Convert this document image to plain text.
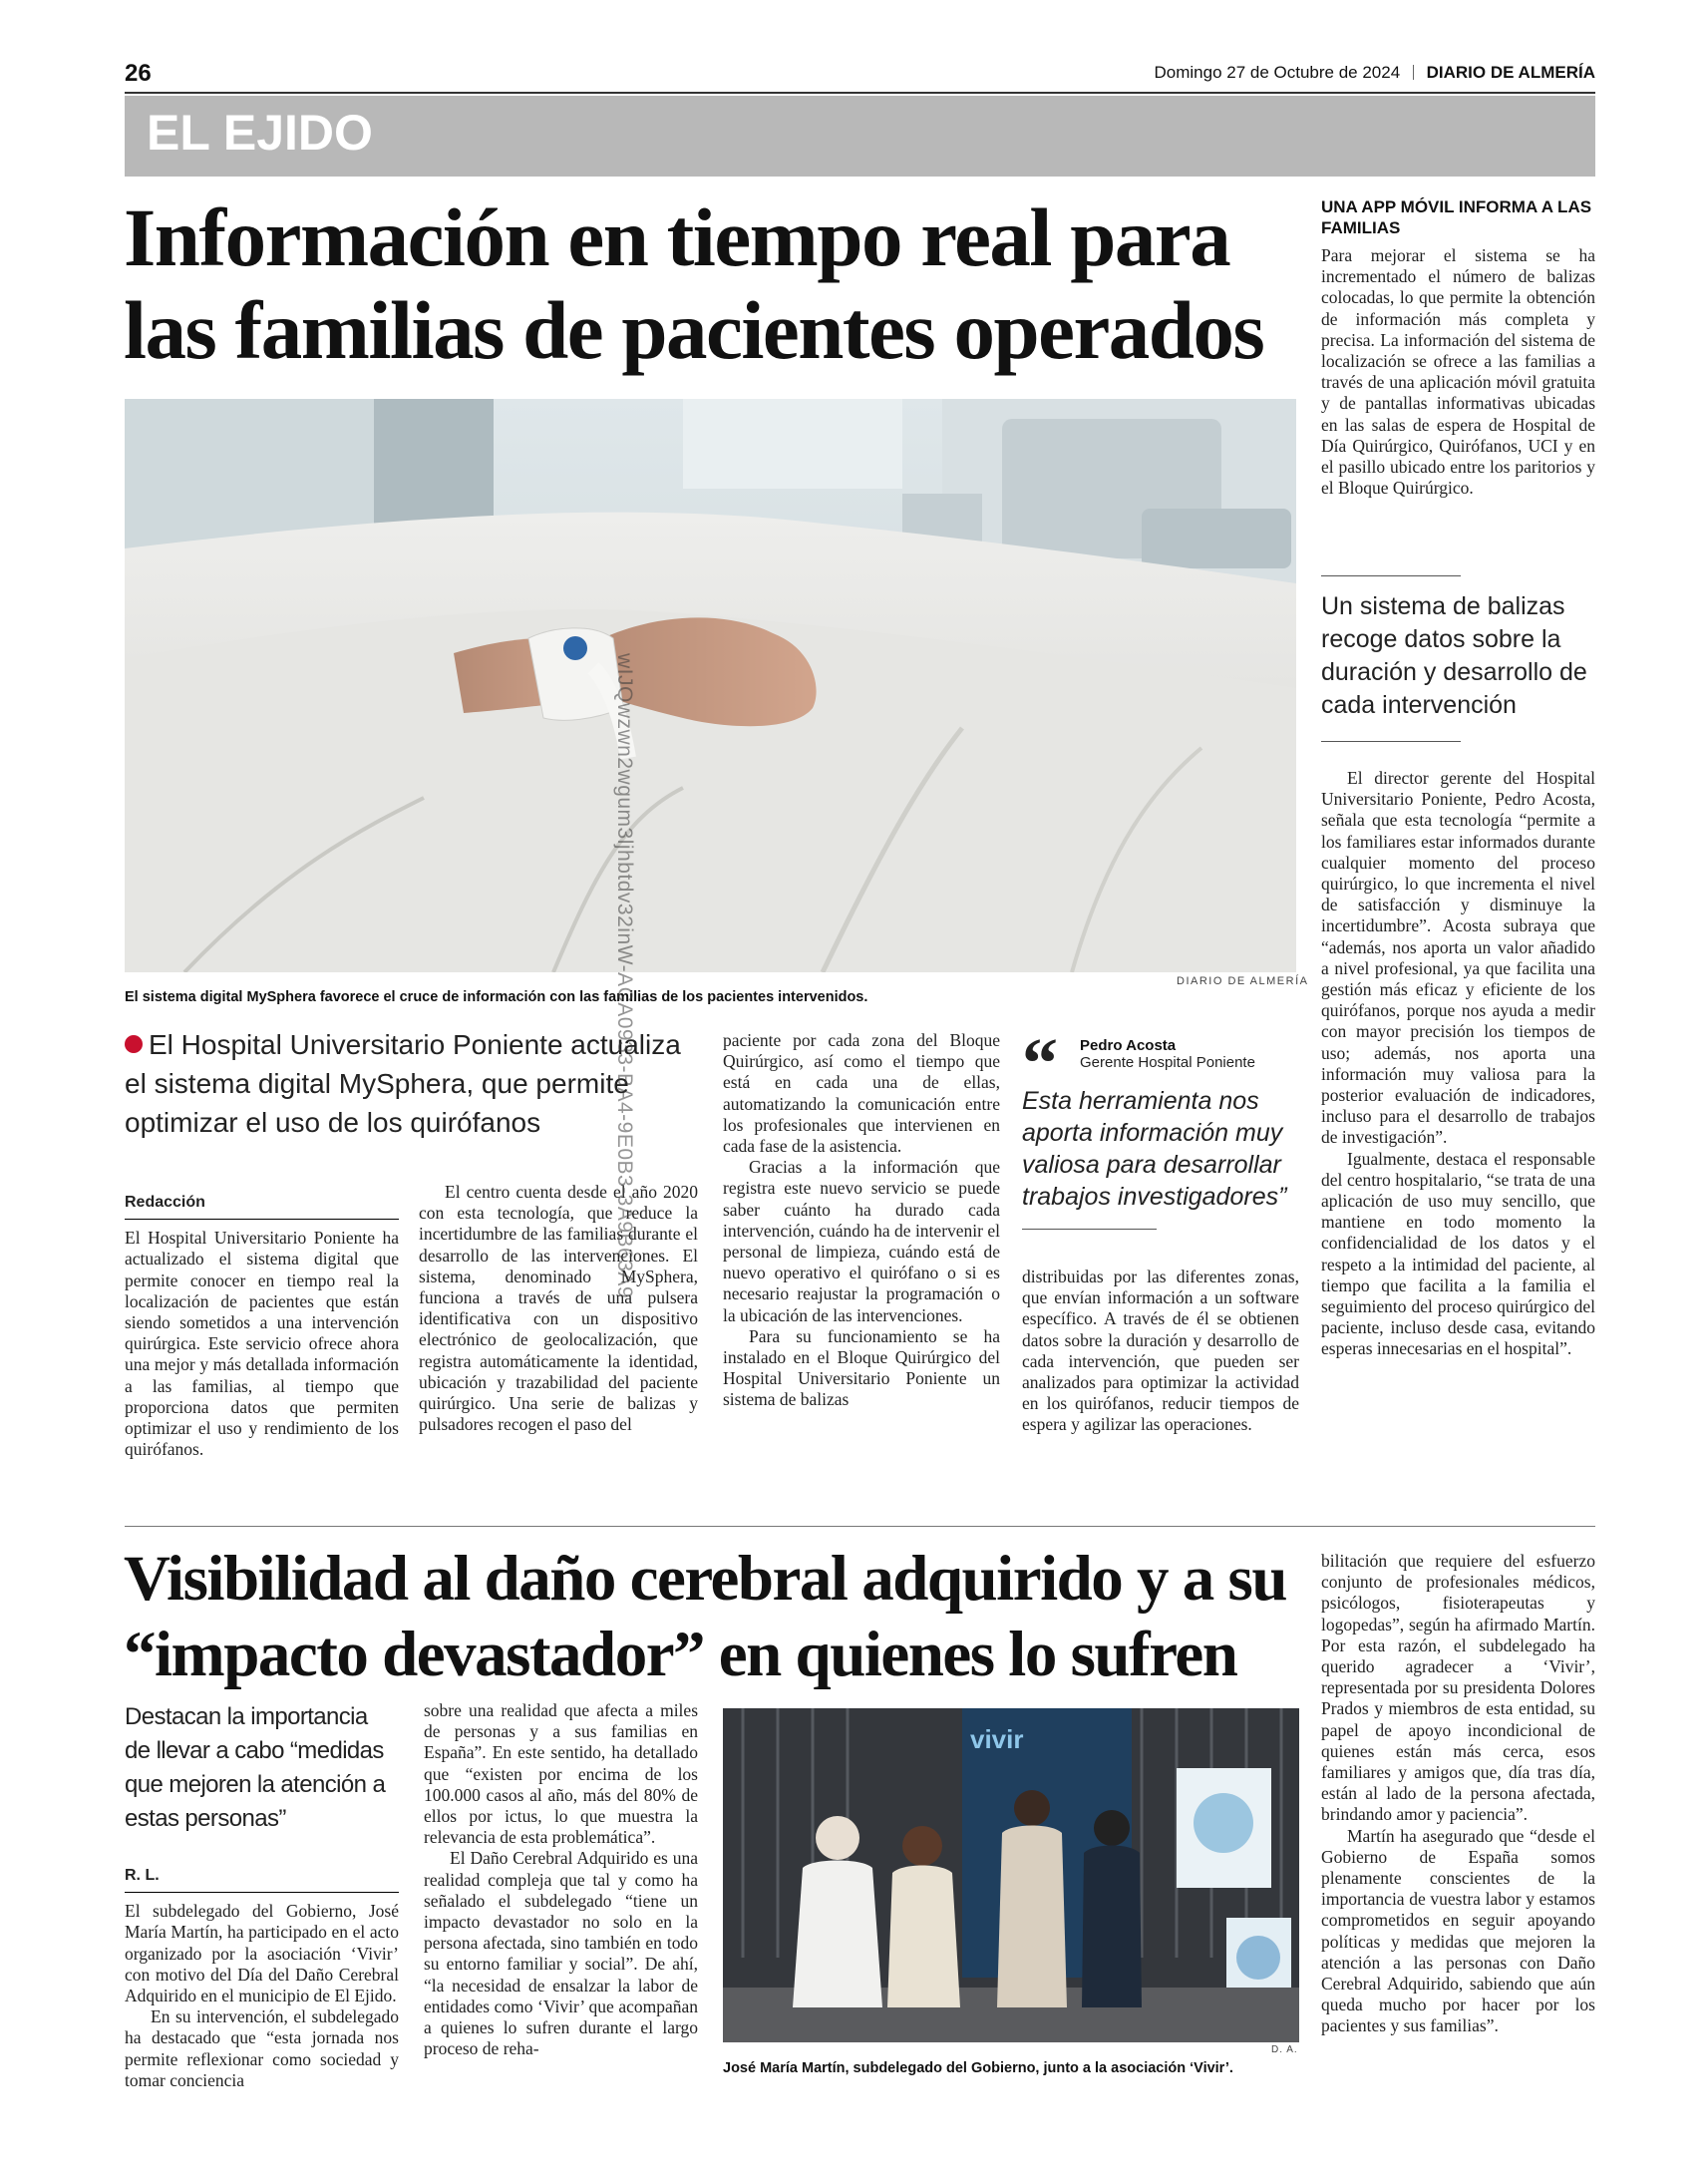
26	Domingo 27 de Octubre de 2024 DIARIO DE ALMERÍA
EL EJIDO
Información en tiempo real para
las familias de pacientes operados
DIARIO DE ALMERÍA
El sistema digital MySphera favorece el cruce de información con las familias de los pacientes intervenidos.
El Hospital Universitario Poniente actualiza el sistema digital MySphera, que permite optimizar el uso de los quirófanos
Redacción

El Hospital Universitario Poniente ha actualizado el sistema digital que permite conocer en tiempo real la localización de pacientes que están siendo sometidos a una intervención quirúrgica. Este servicio ofrece ahora una mejor y más detallada información a las familias, al tiempo que proporciona datos que permiten optimizar el uso y rendimiento de los quirófanos.

El centro cuenta desde el año 2020 con esta tecnología, que reduce la incertidumbre de las familias durante el desarrollo de las intervenciones. El sistema, denominado MySphera, funciona a través de una pulsera identificativa con un dispositivo electrónico de geolocalización, que registra automáticamente la identidad, ubicación y trazabilidad del paciente quirúrgico. Una serie de balizas y pulsadores recogen el paso del

paciente por cada zona del Bloque Quirúrgico, así como el tiempo que está en cada una de ellas, automatizando la comunicación entre los profesionales que intervienen en cada fase de la asistencia.

Gracias a la información que registra este nuevo servicio se puede saber cuánto ha durado cada intervención, cuándo ha de intervenir el personal de limpieza, cuándo está de nuevo operativo el quirófano o si es necesario reajustar la programación o la ubicación de las intervenciones.

Para su funcionamiento se ha instalado en el Bloque Quirúrgico del Hospital Universitario Poniente un sistema de balizas

“ Pedro Acosta
Gerente Hospital Poniente
Esta herramienta nos aporta información muy valiosa para desarrollar trabajos investigadores”

distribuidas por las diferentes zonas, que envían información a un software específico. A través de él se obtienen datos sobre la duración y desarrollo de cada intervención, que pueden ser analizados para optimizar la actividad en los quirófanos, reducir tiempos de espera y agilizar las operaciones.

UNA APP MÓVIL INFORMA A LAS FAMILIAS

Para mejorar el sistema se ha incrementado el número de balizas colocadas, lo que permite la obtención de información más completa y precisa. La información del sistema de localización se ofrece a las familias a través de una aplicación móvil gratuita y de pantallas informativas ubicadas en las salas de espera de Hospital de Día Quirúrgico, Quirófanos, UCI y en el pasillo ubicado entre los paritorios y el Bloque Quirúrgico.

Un sistema de balizas recoge datos sobre la duración y desarrollo de cada intervención

El director gerente del Hospital Universitario Poniente, Pedro Acosta, señala que esta tecnología “permite a los familiares estar informados durante cualquier momento del proceso quirúrgico, lo que incrementa el nivel de satisfacción y disminuye la incertidumbre”. Acosta subraya que “además, nos aporta un valor añadido a nivel profesional, ya que facilita una gestión más eficaz y eficiente de los quirófanos, porque nos ayuda a medir con mayor precisión los tiempos de uso; además, nos aporta una información muy valiosa para la posterior evaluación de indicadores, incluso para el desarrollo de trabajos de investigación”.

Igualmente, destaca el responsable del centro hospitalario, “se trata de una aplicación de uso muy sencillo, que mantiene en todo momento la confidencialidad de los datos y el respeto a la intimidad del paciente, al tiempo que facilita a la familia el seguimiento del proceso quirúrgico del paciente, incluso desde casa, evitando esperas innecesarias en el hospital”.

wIJQwzwn2wgum3ljhbtdv32inW-ACA0933-BA4-9E0B3-3A9B63A9
Visibilidad al daño cerebral adquirido y a su
“impacto devastador” en quienes lo sufren
Destacan la importancia de llevar a cabo “medidas que mejoren la atención a estas personas”
R. L.

El subdelegado del Gobierno, José María Martín, ha participado en el acto organizado por la asociación ‘Vivir’ con motivo del Día del Daño Cerebral Adquirido en el municipio de El Ejido.

En su intervención, el subdelegado ha destacado que “esta jornada nos permite reflexionar como sociedad y tomar conciencia

sobre una realidad que afecta a miles de personas y a sus familias en España”. En este sentido, ha detallado que “existen por encima de los 100.000 casos al año, más del 80% de ellos por ictus, lo que muestra la relevancia de esta problemática”.

El Daño Cerebral Adquirido es una realidad compleja que tal y como ha señalado el subdelegado “tiene un impacto devastador no solo en la persona afectada, sino también en todo su entorno familiar y social”. De ahí, “la necesidad de ensalzar la labor de entidades como ‘Vivir’ que acompañan a quienes lo sufren durante el largo proceso de reha-

vivir
D. A.
José María Martín, subdelegado del Gobierno, junto a la asociación ‘Vivir’.

bilitación que requiere del esfuerzo conjunto de profesionales médicos, psicólogos, fisioterapeutas y logopedas”, según ha afirmado Martín. Por esta razón, el subdelegado ha querido agradecer a ‘Vivir’, representada por su presidenta Dolores Prados y miembros de esta entidad, su papel de apoyo incondicional de quienes están más cerca, esos familiares y amigos que, día tras día, están al lado de la persona afectada, brindando amor y paciencia”.

Martín ha asegurado que “desde el Gobierno de España somos plenamente conscientes de la importancia de vuestra labor y estamos comprometidos en seguir apoyando políticas y medidas que mejoren la atención a las personas con Daño Cerebral Adquirido, sabiendo que aún queda mucho por hacer por los pacientes y sus familias”.
